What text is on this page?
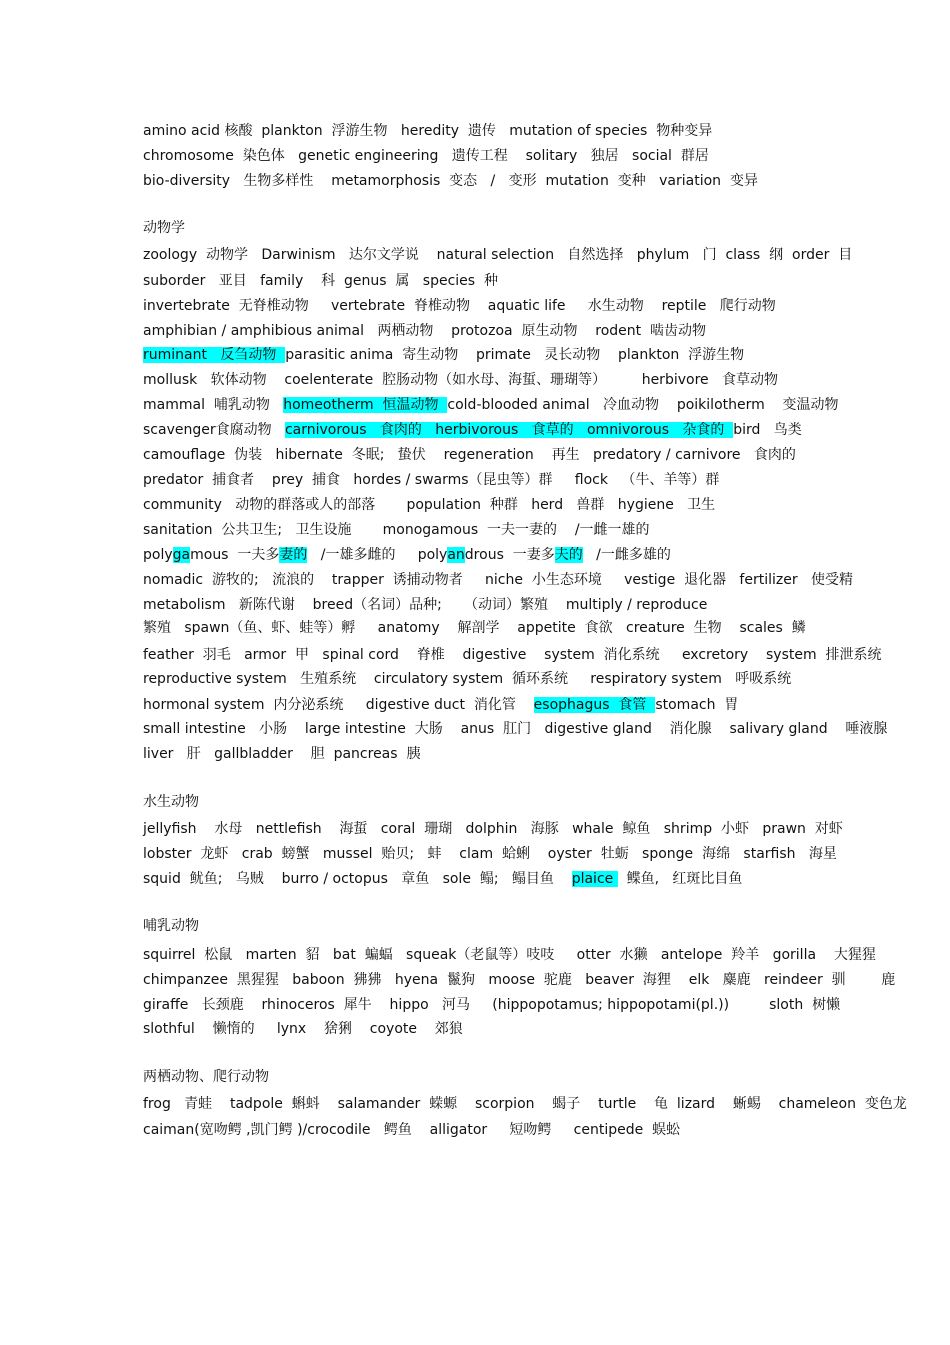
amino acid 核酸  plankton  浮游生物   heredity  遗传   mutation of species  物种变异
chromosome  染色体   genetic engineering   遗传工程    solitary   独居   social  群居
bio-diversity   生物多样性    metamorphosis  变态   /   变形  mutation  变种   variation  变异
动物学
zoology  动物学   Darwinism   达尔文学说    natural selection   自然选择   phylum   门  class  纲  order  目
suborder   亚目   family    科  genus  属   species  种
invertebrate  无脊椎动物     vertebrate  脊椎动物    aquatic life     水生动物    reptile   爬行动物
amphibian / amphibious animal   两栖动物    protozoa  原生动物    rodent  啮齿动物
ruminant   反刍动物  parasitic anima  寄生动物    primate   灵长动物    plankton  浮游生物
mollusk   软体动物    coelenterate  腔肠动物（如水母、海蜇、珊瑚等）        herbivore   食草动物
mammal  哺乳动物   homeotherm  恒温动物  cold-blooded animal   冷血动物    poikilotherm    变温动物
scavenger食腐动物   carnivorous   食肉的   herbivorous   食草的   omnivorous   杂食的  bird   鸟类
camouflage  伪装   hibernate  冬眠;   蛰伏    regeneration    再生   predatory / carnivore   食肉的
predator  捕食者    prey  捕食   hordes / swarms（昆虫等）群     flock   （牛、羊等）群
community   动物的群落或人的部落       population  种群   herd   兽群   hygiene   卫生
sanitation  公共卫生;   卫生设施       monogamous  一夫一妻的    /一雌一雄的
polygamous  一夫多妻的   /一雄多雌的     polyandrous  一妻多夫的   /一雌多雄的
nomadic  游牧的;   流浪的    trapper  诱捕动物者     niche  小生态环境     vestige  退化器   fertilizer   使受精
metabolism   新陈代谢    breed（名词）品种;     （动词）繁殖    multiply / reproduce
繁殖   spawn（鱼、虾、蛙等）孵     anatomy    解剖学    appetite  食欲   creature  生物    scales  鳞
feather  羽毛   armor  甲   spinal cord    脊椎    digestive    system  消化系统     excretory    system  排泄系统
reproductive system   生殖系统    circulatory system  循环系统     respiratory system   呼吸系统
hormonal system  内分泌系统     digestive duct  消化管    esophagus  食管  stomach  胃
small intestine   小肠    large intestine  大肠    anus  肛门   digestive gland    消化腺    salivary gland    唾液腺
liver   肝   gallbladder    胆  pancreas  胰
水生动物
jellyfish    水母   nettlefish    海蜇   coral  珊瑚   dolphin   海豚   whale  鲸鱼   shrimp  小虾   prawn  对虾
lobster  龙虾   crab  螃蟹   mussel  贻贝;   蚌    clam  蛤蜊    oyster  牡蛎   sponge  海绵   starfish   海星
squid  鱿鱼;   乌贼    burro / octopus   章鱼   sole  鳎;   鳎目鱼    plaice   鲽鱼,   红斑比目鱼
哺乳动物
squirrel  松鼠   marten  貂   bat  蝙蝠   squeak（老鼠等）吱吱     otter  水獭   antelope  羚羊   gorilla    大猩猩
chimpanzee  黑猩猩   baboon  狒狒   hyena  鬣狗   moose  驼鹿   beaver  海狸    elk   麋鹿   reindeer  驯        鹿
giraffe   长颈鹿    rhinoceros  犀牛    hippo   河马     (hippopotamus; hippopotami(pl.))         sloth  树懒
slothful    懒惰的     lynx    猞猁    coyote    郊狼
两栖动物、爬行动物
frog   青蛙    tadpole  蝌蚪    salamander  蝾螈    scorpion    蝎子    turtle    龟  lizard    蜥蜴    chameleon  变色龙
caiman(宽吻鳄 ,凯门鳄 )/crocodile   鳄鱼    alligator     短吻鳄     centipede  蜈蚣
